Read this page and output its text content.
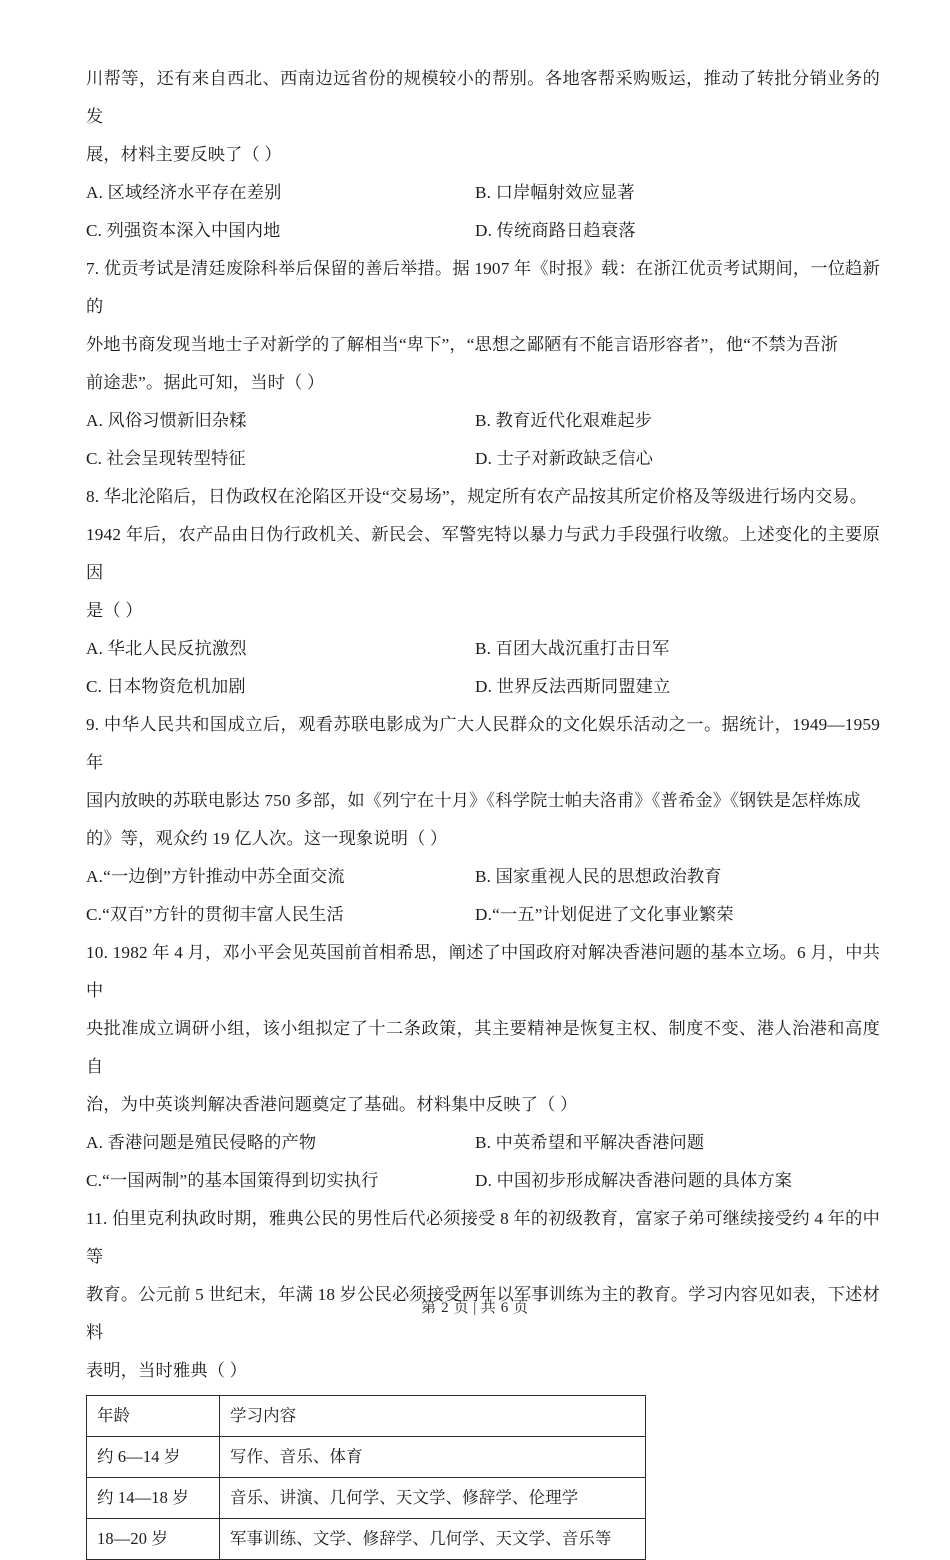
川帮等，还有来自西北、西南边远省份的规模较小的帮别。各地客帮采购贩运，推动了转批分销业务的发

展，材料主要反映了（ ）

A. 区域经济水平存在差别	B. 口岸幅射效应显著
C. 列强资本深入中国内地	D. 传统商路日趋衰落

7. 优贡考试是清廷废除科举后保留的善后举措。据 1907 年《时报》载：在浙江优贡考试期间，一位趋新的

外地书商发现当地士子对新学的了解相当“卑下”，“思想之鄙陋有不能言语形容者”，他“不禁为吾浙

前途悲”。据此可知，当时（ ）

A. 风俗习惯新旧杂糅	B. 教育近代化艰难起步
C. 社会呈现转型特征	D. 士子对新政缺乏信心

8. 华北沦陷后，日伪政权在沦陷区开设“交易场”，规定所有农产品按其所定价格及等级进行场内交易。

1942 年后，农产品由日伪行政机关、新民会、军警宪特以暴力与武力手段强行收缴。上述变化的主要原因

是（ ）

A. 华北人民反抗激烈	B. 百团大战沉重打击日军
C. 日本物资危机加剧	D. 世界反法西斯同盟建立

9. 中华人民共和国成立后，观看苏联电影成为广大人民群众的文化娱乐活动之一。据统计，1949—1959 年

国内放映的苏联电影达 750 多部，如《列宁在十月》《科学院士帕夫洛甫》《普希金》《钢铁是怎样炼成

的》等，观众约 19 亿人次。这一现象说明（ ）

A.“一边倒”方针推动中苏全面交流	B. 国家重视人民的思想政治教育
C.“双百”方针的贯彻丰富人民生活	D.“一五”计划促进了文化事业繁荣

10. 1982 年 4 月，邓小平会见英国前首相希思，阐述了中国政府对解决香港问题的基本立场。6 月，中共中

央批准成立调研小组，该小组拟定了十二条政策，其主要精神是恢复主权、制度不变、港人治港和高度自

治，为中英谈判解决香港问题奠定了基础。材料集中反映了（ ）

A. 香港问题是殖民侵略的产物	B. 中英希望和平解决香港问题
C.“一国两制”的基本国策得到切实执行	D. 中国初步形成解决香港问题的具体方案

11. 伯里克利执政时期，雅典公民的男性后代必须接受 8 年的初级教育，富家子弟可继续接受约 4 年的中等

教育。公元前 5 世纪末，年满 18 岁公民必须接受两年以军事训练为主的教育。学习内容见如表，下述材料

表明，当时雅典（ ）

年龄	学习内容
约 6—14 岁	写作、音乐、体育
约 14—18 岁	音乐、讲演、几何学、天文学、修辞学、伦理学
18—20 岁	军事训练、文学、修辞学、几何学、天文学、音乐等
第 2 页 | 共 6 页
